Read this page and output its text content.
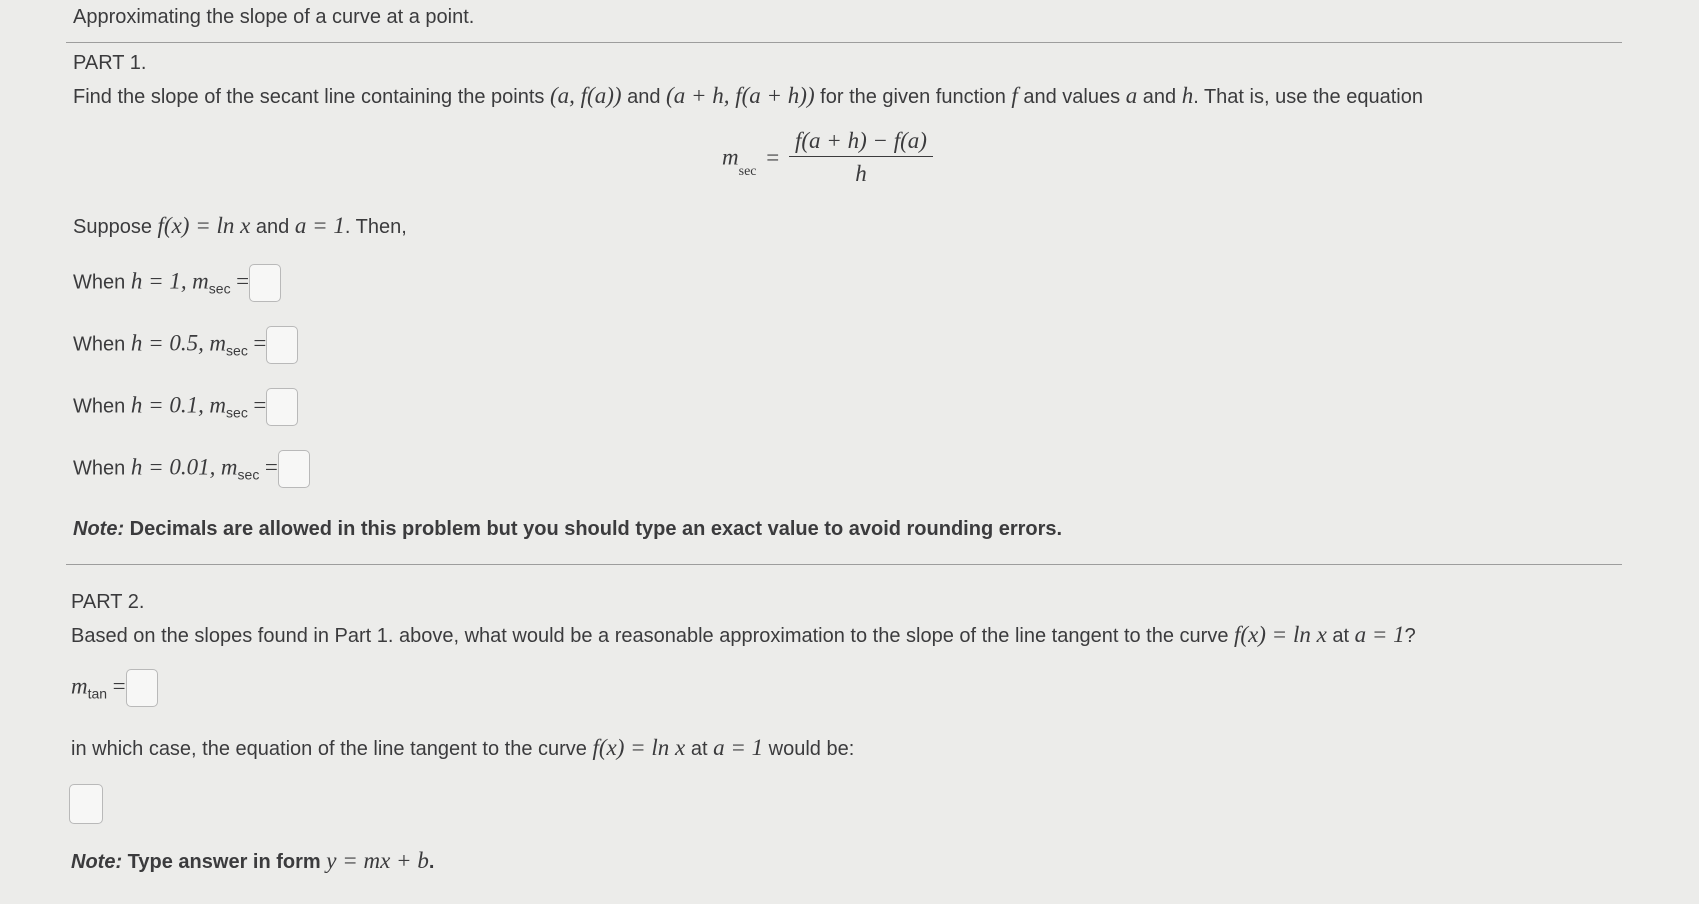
Approximating the slope of a curve at a point.
PART 1.
Find the slope of the secant line containing the points (a, f(a)) and (a + h, f(a + h)) for the given function f and values a and h. That is, use the equation
$m_{sec} = \frac{f(a + h) - f(a)}{h}$
Suppose f(x) = ln x and a = 1. Then,
When h = 1, $m_{sec}$ =
When h = 0.5, $m_{sec}$ =
When h = 0.1, $m_{sec}$ =
When h = 0.01, $m_{sec}$ =
Note: Decimals are allowed in this problem but you should type an exact value to avoid rounding errors.
PART 2.
Based on the slopes found in Part 1. above, what would be a reasonable approximation to the slope of the line tangent to the curve f(x) = ln x at a = 1?
$m_{tan}$ =
in which case, the equation of the line tangent to the curve f(x) = ln x at a = 1 would be:
Note: Type answer in form y = mx + b.
